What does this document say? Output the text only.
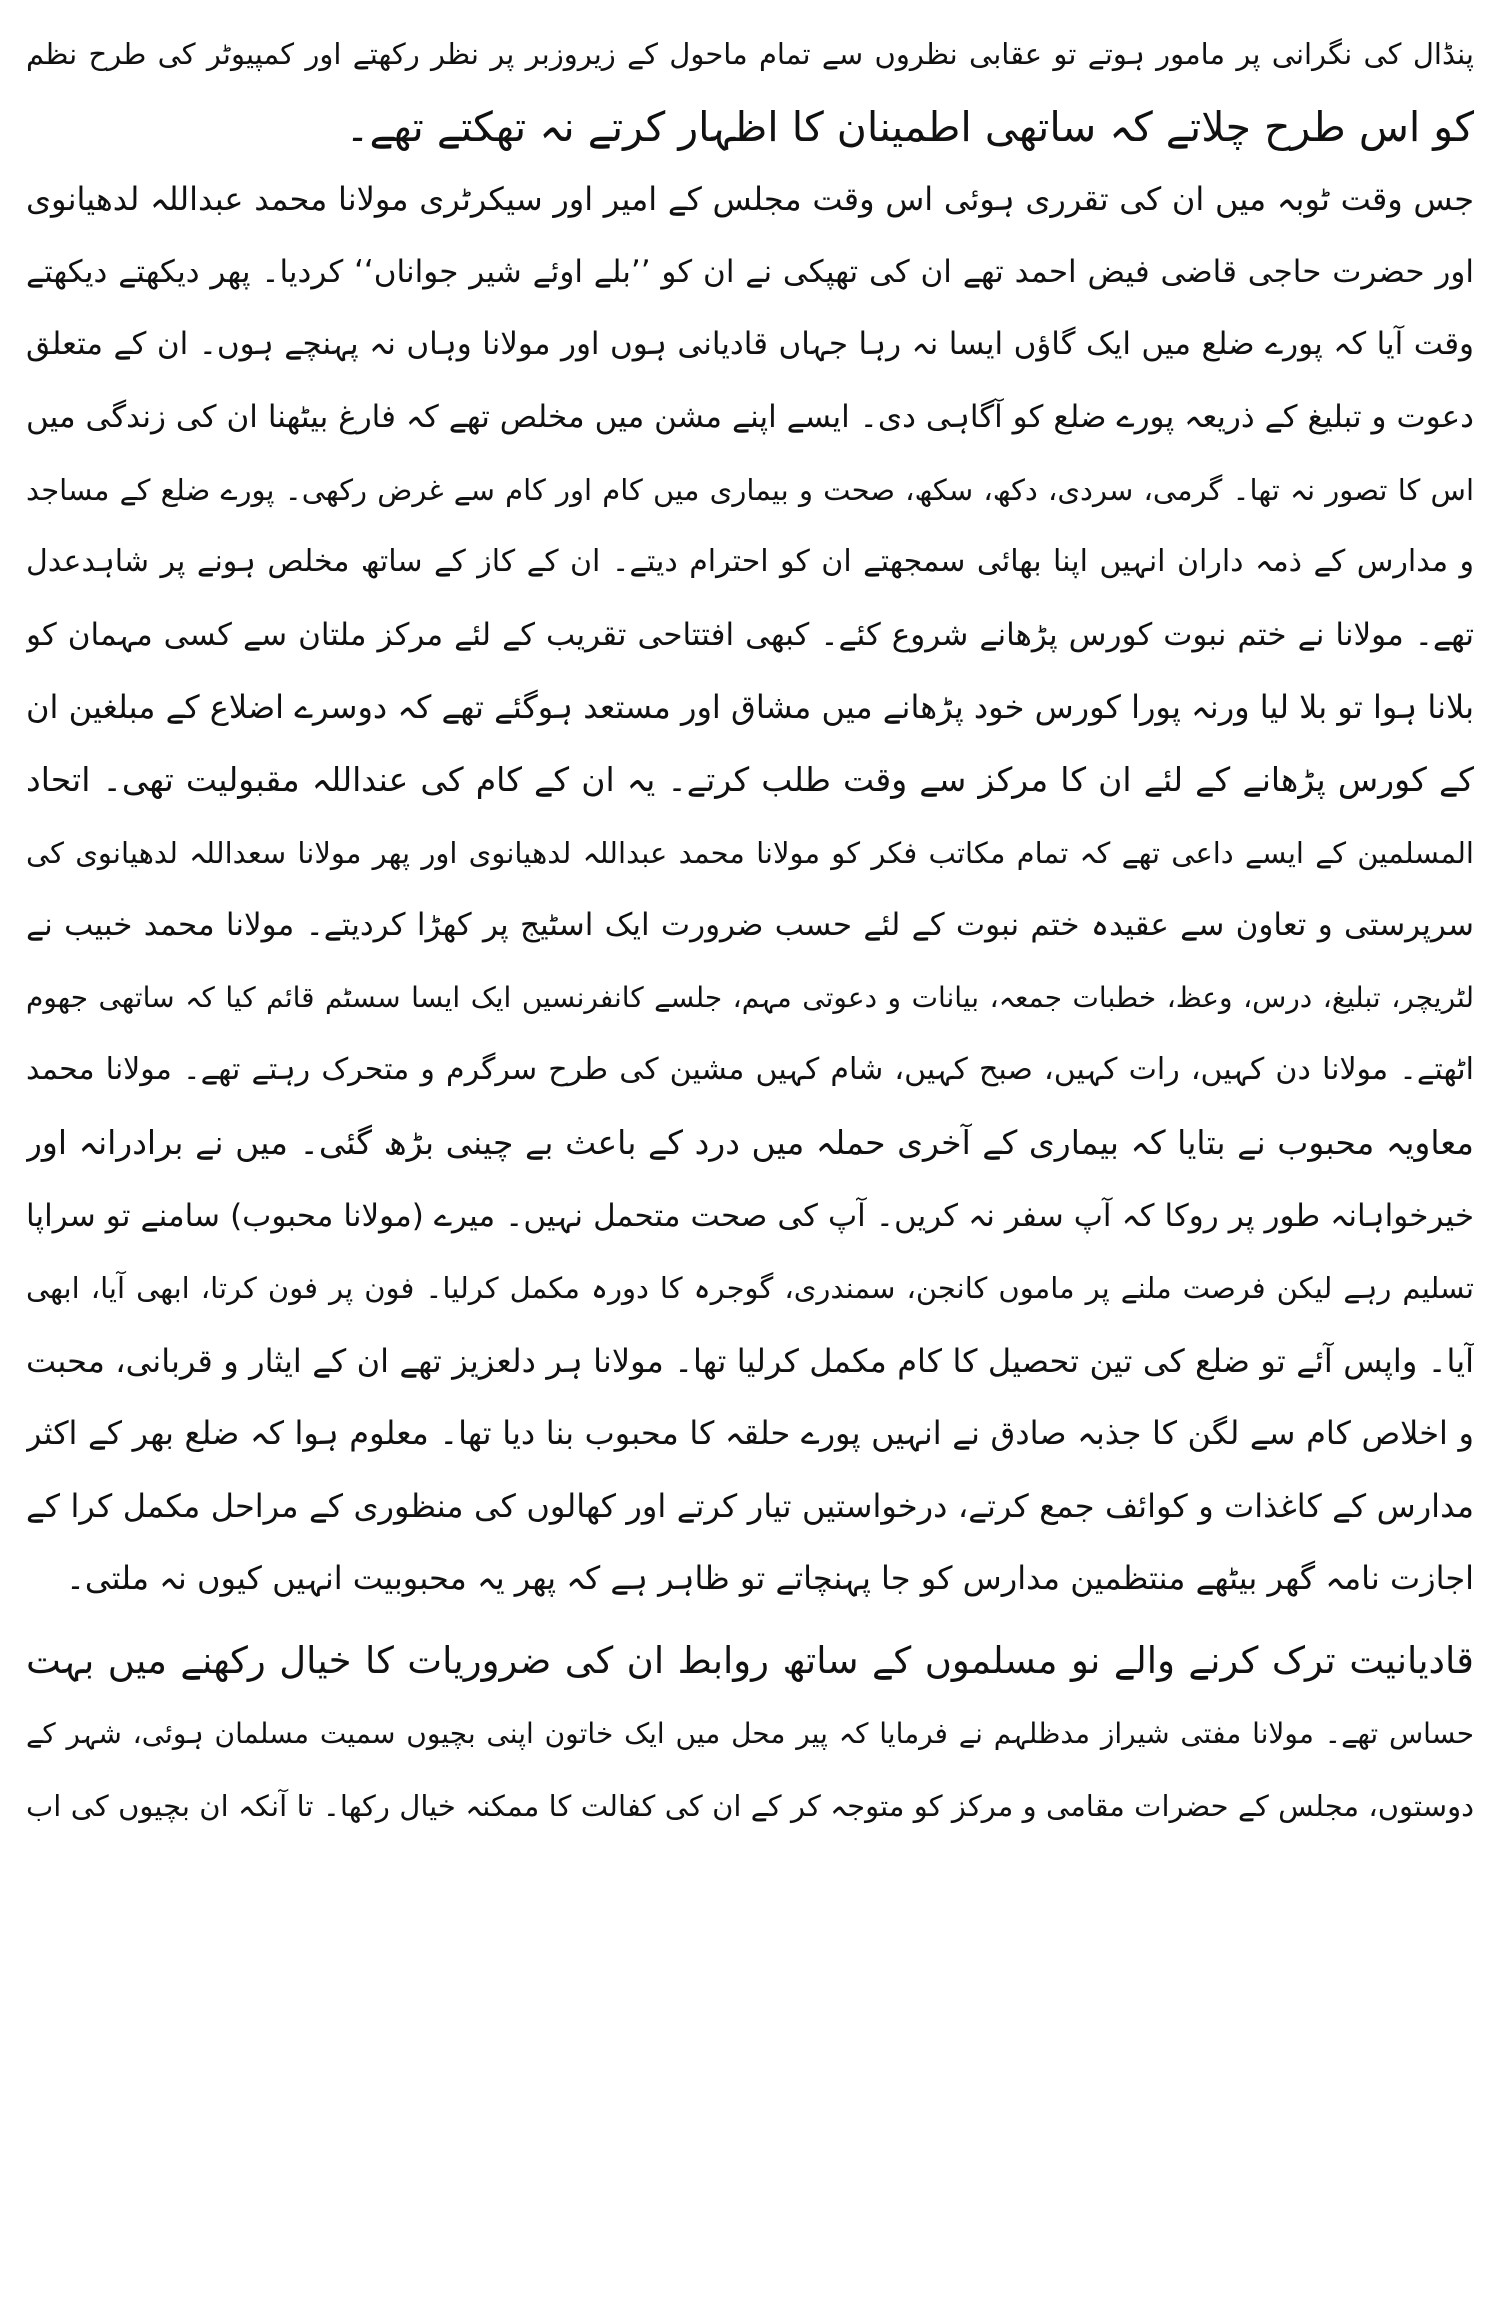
پنڈال کی نگرانی پر مامور ہوتے تو عقابی نظروں سے تمام ماحول کے زیروزبر پر نظر رکھتے اور کمپیوٹر کی طرح نظم
کو اس طرح چلاتے کہ ساتھی اطمینان کا اظہار کرتے نہ تھکتے تھے۔
جس وقت ٹوبہ میں ان کی تقرری ہوئی اس وقت مجلس کے امیر اور سیکرٹری مولانا محمد عبداللہ لدھیانوی
اور حضرت حاجی قاضی فیض احمد تھے ان کی تھپکی نے ان کو ’’بلے اوئے شیر جواناں‘‘ کردیا۔ پھر دیکھتے دیکھتے
وقت آیا کہ پورے ضلع میں ایک گاؤں ایسا نہ رہا جہاں قادیانی ہوں اور مولانا وہاں نہ پہنچے ہوں۔ ان کے متعلق
دعوت و تبلیغ کے ذریعہ پورے ضلع کو آگاہی دی۔ ایسے اپنے مشن میں مخلص تھے کہ فارغ بیٹھنا ان کی زندگی میں
اس کا تصور نہ تھا۔ گرمی، سردی، دکھ، سکھ، صحت و بیماری میں کام اور کام سے غرض رکھی۔ پورے ضلع کے مساجد
و مدارس کے ذمہ داران انہیں اپنا بھائی سمجھتے ان کو احترام دیتے۔ ان کے کاز کے ساتھ مخلص ہونے پر شاہدعدل
تھے۔ مولانا نے ختم نبوت کورس پڑھانے شروع کئے۔ کبھی افتتاحی تقریب کے لئے مرکز ملتان سے کسی مہمان کو
بلانا ہوا تو بلا لیا ورنہ پورا کورس خود پڑھانے میں مشاق اور مستعد ہوگئے تھے کہ دوسرے اضلاع کے مبلغین ان
کے کورس پڑھانے کے لئے ان کا مرکز سے وقت طلب کرتے۔ یہ ان کے کام کی عنداللہ مقبولیت تھی۔ اتحاد
المسلمین کے ایسے داعی تھے کہ تمام مکاتب فکر کو مولانا محمد عبداللہ لدھیانوی اور پھر مولانا سعداللہ لدھیانوی کی
سرپرستی و تعاون سے عقیدہ ختم نبوت کے لئے حسب ضرورت ایک اسٹیج پر کھڑا کردیتے۔ مولانا محمد خبیب نے
لٹریچر، تبلیغ، درس، وعظ، خطبات جمعہ، بیانات و دعوتی مہم، جلسے کانفرنسیں ایک ایسا سسٹم قائم کیا کہ ساتھی جھوم
اٹھتے۔ مولانا دن کہیں، رات کہیں، صبح کہیں، شام کہیں مشین کی طرح سرگرم و متحرک رہتے تھے۔ مولانا محمد
معاویہ محبوب نے بتایا کہ بیماری کے آخری حملہ میں درد کے باعث بے چینی بڑھ گئی۔ میں نے برادرانہ اور
خیرخواہانہ طور پر روکا کہ آپ سفر نہ کریں۔ آپ کی صحت متحمل نہیں۔ میرے (مولانا محبوب) سامنے تو سراپا
تسلیم رہے لیکن فرصت ملنے پر ماموں کانجن، سمندری، گوجرہ کا دورہ مکمل کرلیا۔ فون پر فون کرتا، ابھی آیا، ابھی
آیا۔ واپس آئے تو ضلع کی تین تحصیل کا کام مکمل کرلیا تھا۔ مولانا ہر دلعزیز تھے ان کے ایثار و قربانی، محبت
و اخلاص کام سے لگن کا جذبہ صادق نے انہیں پورے حلقہ کا محبوب بنا دیا تھا۔ معلوم ہوا کہ ضلع بھر کے اکثر
مدارس کے کاغذات و کوائف جمع کرتے، درخواستیں تیار کرتے اور کھالوں کی منظوری کے مراحل مکمل کرا کے
اجازت نامہ گھر بیٹھے منتظمین مدارس کو جا پہنچاتے تو ظاہر ہے کہ پھر یہ محبوبیت انہیں کیوں نہ ملتی۔
قادیانیت ترک کرنے والے نو مسلموں کے ساتھ روابط ان کی ضروریات کا خیال رکھنے میں بہت
حساس تھے۔ مولانا مفتی شیراز مدظلہم نے فرمایا کہ پیر محل میں ایک خاتون اپنی بچیوں سمیت مسلمان ہوئی، شہر کے
دوستوں، مجلس کے حضرات مقامی و مرکز کو متوجہ کر کے ان کی کفالت کا ممکنہ خیال رکھا۔ تا آنکہ ان بچیوں کی اب
